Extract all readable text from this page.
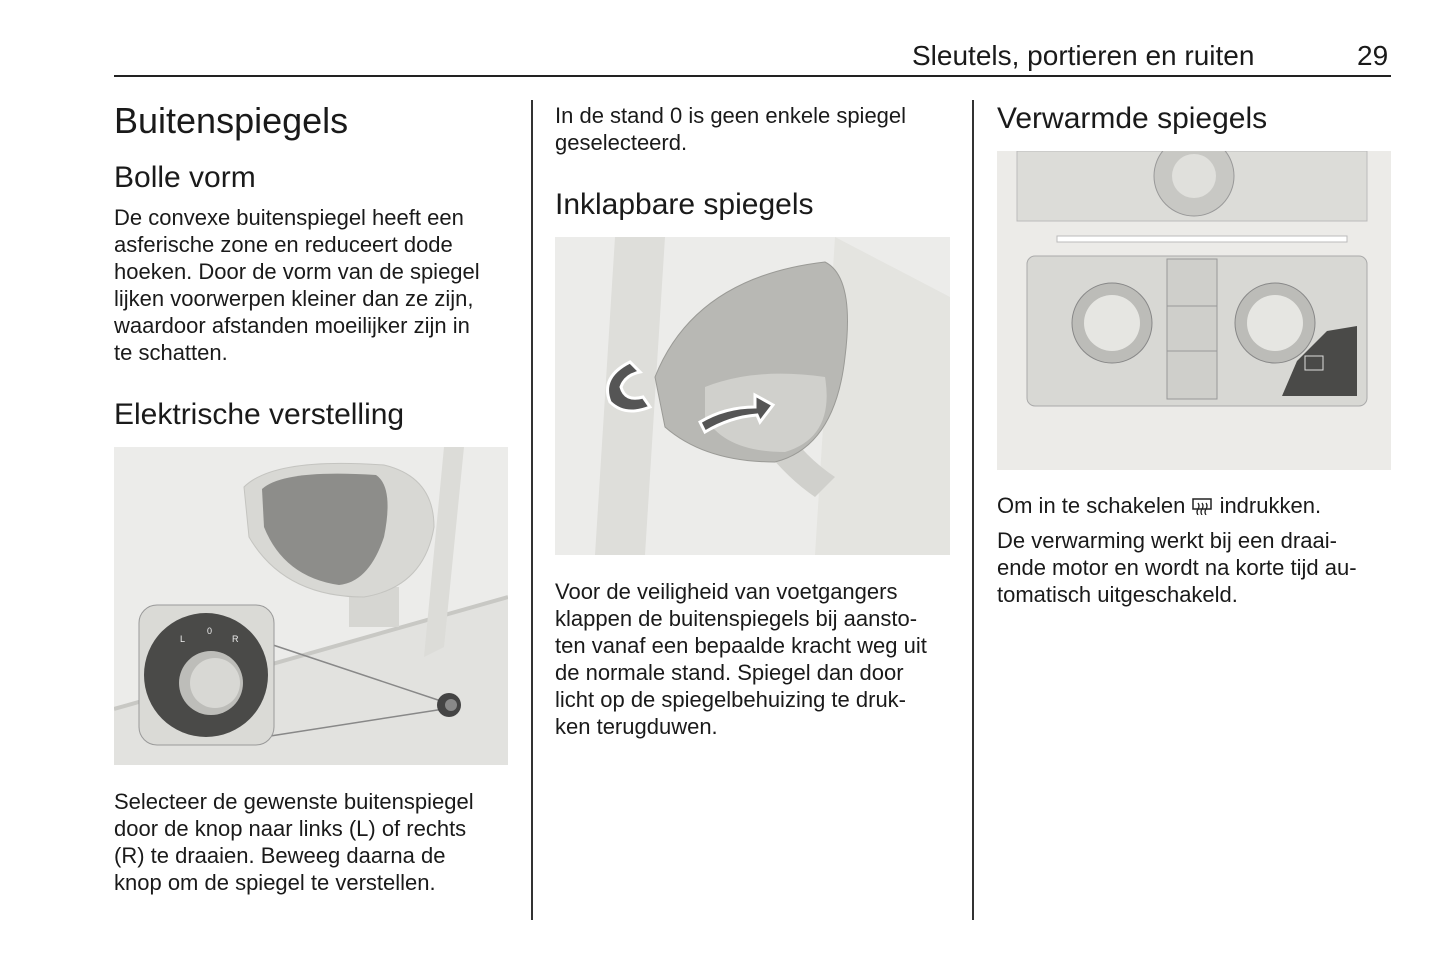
Sleutels, portieren en ruiten	29
Buitenspiegels
Bolle vorm
De convexe buitenspiegel heeft een
asferische zone en reduceert dode
hoeken. Door de vorm van de spiegel
lijken voorwerpen kleiner dan ze zijn,
waardoor afstanden moeilijker zijn in
te schatten.
Elektrische verstelling
L
0
R
Selecteer de gewenste buitenspiegel
door de knop naar links (L) of rechts
(R) te draaien. Beweeg daarna de
knop om de spiegel te verstellen.
In de stand 0 is geen enkele spiegel
geselecteerd.
Inklapbare spiegels
Voor de veiligheid van voetgangers
klappen de buitenspiegels bij aansto-
ten vanaf een bepaalde kracht weg uit
de normale stand. Spiegel dan door
licht op de spiegelbehuizing te druk-
ken terugduwen.
Verwarmde spiegels
Om in te schakelen indrukken.
De verwarming werkt bij een draai-
ende motor en wordt na korte tijd au-
tomatisch uitgeschakeld.
